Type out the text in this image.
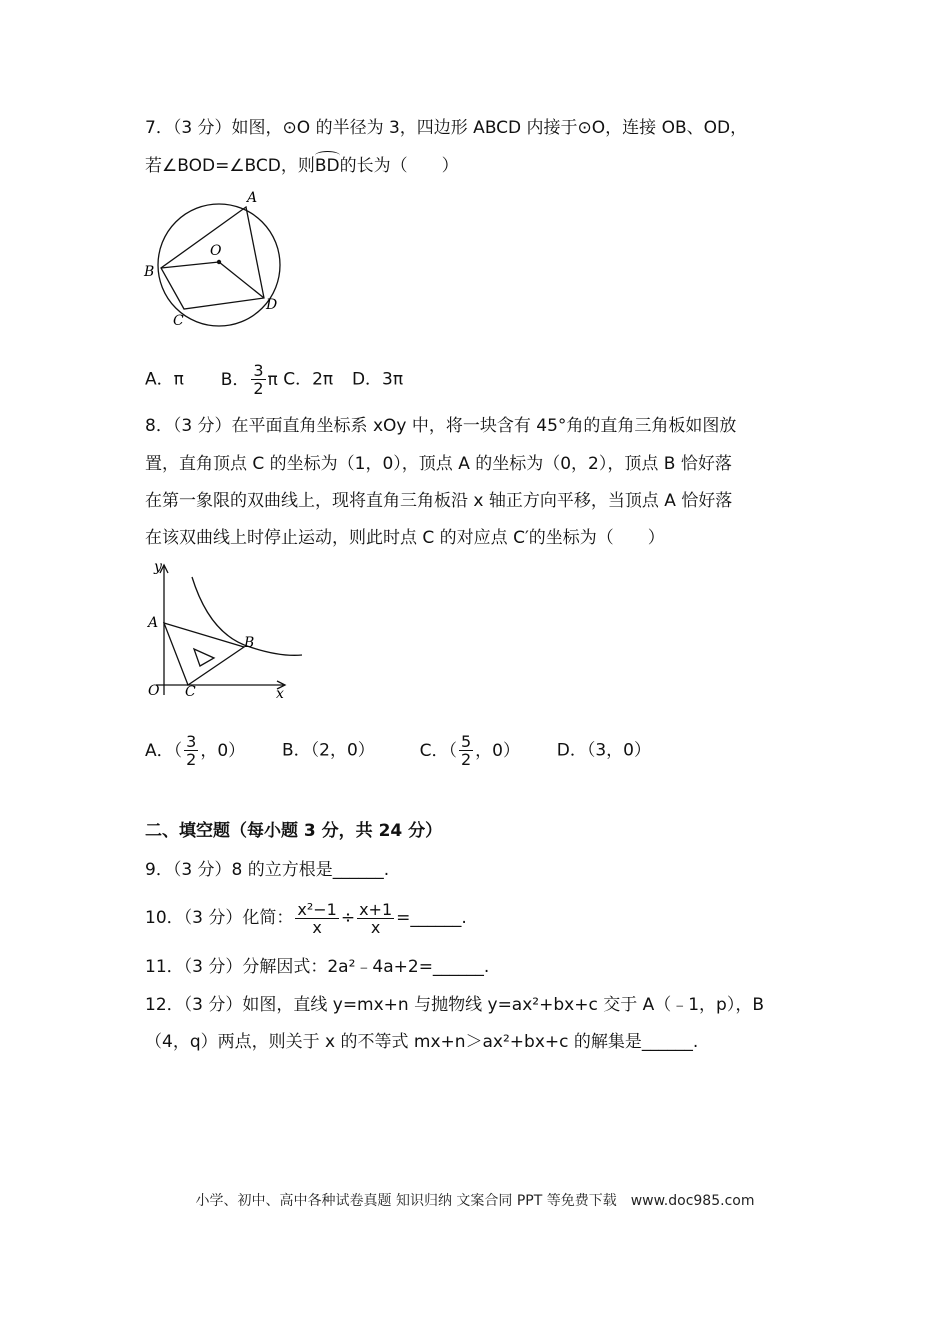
7．（3 分）如图，⊙O 的半径为 3，四边形 ABCD 内接于⊙O，连接 OB、OD，
若∠BOD=∠BCD，则BD的长为（　　）
A
O
B
D
C
A．π B． $\frac{3}{2}$ π C．2π D．3π
8．（3 分）在平面直角坐标系 xOy 中，将一块含有 45°角的直角三角板如图放
置，直角顶点 C 的坐标为（1，0），顶点 A 的坐标为（0，2），顶点 B 恰好落
在第一象限的双曲线上，现将直角三角板沿 x 轴正方向平移，当顶点 A 恰好落
在该双曲线上时停止运动，则此时点 C 的对应点 C′的坐标为（　　）
y
A
B
O C	x
A．（ $\frac{3}{2}$ ，0） B．（2，0）	C．（ $\frac{5}{2}$ ，0） D．（3，0）
二、填空题（每小题 3 分，共 24 分）
9．（3 分）8 的立方根是______.
10．（3 分）化简： $\frac{\text{x²−1}}{x} \div \frac{x+1}{x}$ =______.
11．（3 分）分解因式：2a²﹣4a+2=______.
12．（3 分）如图，直线 y=mx+n 与抛物线 y=ax²+bx+c 交于 A（﹣1，p），B
（4，q）两点，则关于 x 的不等式 mx+n＞ax²+bx+c 的解集是______.
小学、初中、高中各种试卷真题 知识归纳 文案合同 PPT 等免费下载　www.doc985.com
